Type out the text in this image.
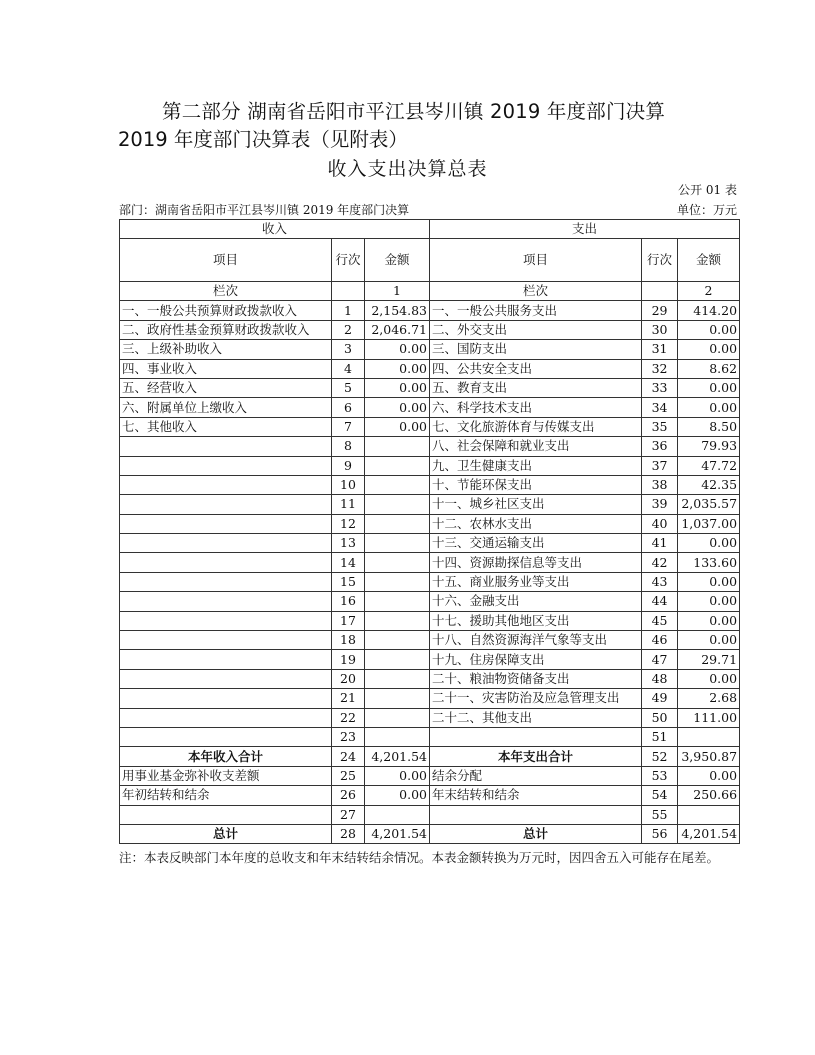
第二部分 湖南省岳阳市平江县岑川镇 2019 年度部门决算
2019 年度部门决算表（见附表）
收入支出决算总表
公开 01 表
部门：湖南省岳阳市平江县岑川镇 2019 年度部门决算	单位：万元
收入			支出		
项目	行次	金额	项目	行次	金额
栏次		1	栏次		2
一、一般公共预算财政拨款收入	1	2,154.83	一、一般公共服务支出	29	414.20
二、政府性基金预算财政拨款收入	2	2,046.71	二、外交支出	30	0.00
三、上级补助收入	3	0.00	三、国防支出	31	0.00
四、事业收入	4	0.00	四、公共安全支出	32	8.62
五、经营收入	5	0.00	五、教育支出	33	0.00
六、附属单位上缴收入	6	0.00	六、科学技术支出	34	0.00
七、其他收入	7	0.00	七、文化旅游体育与传媒支出	35	8.50
	8		八、社会保障和就业支出	36	79.93
	9		九、卫生健康支出	37	47.72
	10		十、节能环保支出	38	42.35
	11		十一、城乡社区支出	39	2,035.57
	12		十二、农林水支出	40	1,037.00
	13		十三、交通运输支出	41	0.00
	14		十四、资源勘探信息等支出	42	133.60
	15		十五、商业服务业等支出	43	0.00
	16		十六、金融支出	44	0.00
	17		十七、援助其他地区支出	45	0.00
	18		十八、自然资源海洋气象等支出	46	0.00
	19		十九、住房保障支出	47	29.71
	20		二十、粮油物资储备支出	48	0.00
	21		二十一、灾害防治及应急管理支出	49	2.68
	22		二十二、其他支出	50	111.00
	23			51	
本年收入合计	24	4,201.54	本年支出合计	52	3,950.87
用事业基金弥补收支差额	25	0.00	结余分配	53	0.00
年初结转和结余	26	0.00	年末结转和结余	54	250.66
	27			55	
总计	28	4,201.54	总计	56	4,201.54
注：本表反映部门本年度的总收支和年末结转结余情况。本表金额转换为万元时，因四舍五入可能存在尾差。
